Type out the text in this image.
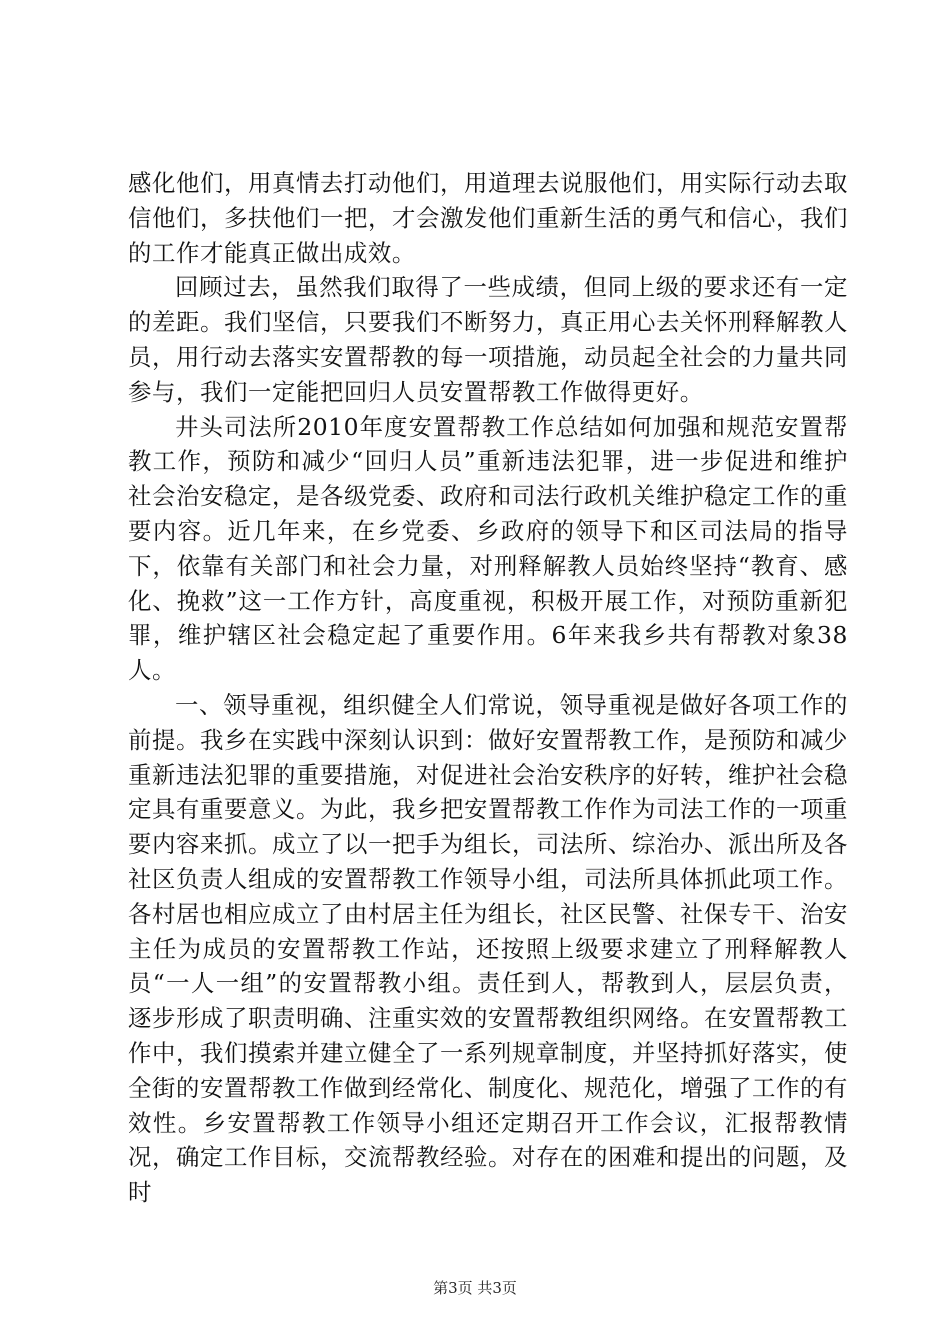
感化他们，用真情去打动他们，用道理去说服他们，用实际行动去取信他们，多扶他们一把，才会激发他们重新生活的勇气和信心，我们的工作才能真正做出成效。

回顾过去，虽然我们取得了一些成绩，但同上级的要求还有一定的差距。我们坚信，只要我们不断努力，真正用心去关怀刑释解教人员，用行动去落实安置帮教的每一项措施，动员起全社会的力量共同参与，我们一定能把回归人员安置帮教工作做得更好。

井头司法所2010年度安置帮教工作总结如何加强和规范安置帮教工作，预防和减少“回归人员”重新违法犯罪，进一步促进和维护社会治安稳定，是各级党委、政府和司法行政机关维护稳定工作的重要内容。近几年来，在乡党委、乡政府的领导下和区司法局的指导下，依靠有关部门和社会力量，对刑释解教人员始终坚持“教育、感化、挽救”这一工作方针，高度重视，积极开展工作，对预防重新犯罪，维护辖区社会稳定起了重要作用。6年来我乡共有帮教对象38人。

一、领导重视，组织健全人们常说，领导重视是做好各项工作的前提。我乡在实践中深刻认识到：做好安置帮教工作，是预防和减少重新违法犯罪的重要措施，对促进社会治安秩序的好转，维护社会稳定具有重要意义。为此，我乡把安置帮教工作作为司法工作的一项重要内容来抓。成立了以一把手为组长，司法所、综治办、派出所及各社区负责人组成的安置帮教工作领导小组，司法所具体抓此项工作。各村居也相应成立了由村居主任为组长，社区民警、社保专干、治安主任为成员的安置帮教工作站，还按照上级要求建立了刑释解教人员“一人一组”的安置帮教小组。责任到人，帮教到人，层层负责，逐步形成了职责明确、注重实效的安置帮教组织网络。在安置帮教工作中，我们摸索并建立健全了一系列规章制度，并坚持抓好落实，使全街的安置帮教工作做到经常化、制度化、规范化，增强了工作的有效性。乡安置帮教工作领导小组还定期召开工作会议，汇报帮教情况，确定工作目标，交流帮教经验。对存在的困难和提出的问题，及时

第3页 共3页
